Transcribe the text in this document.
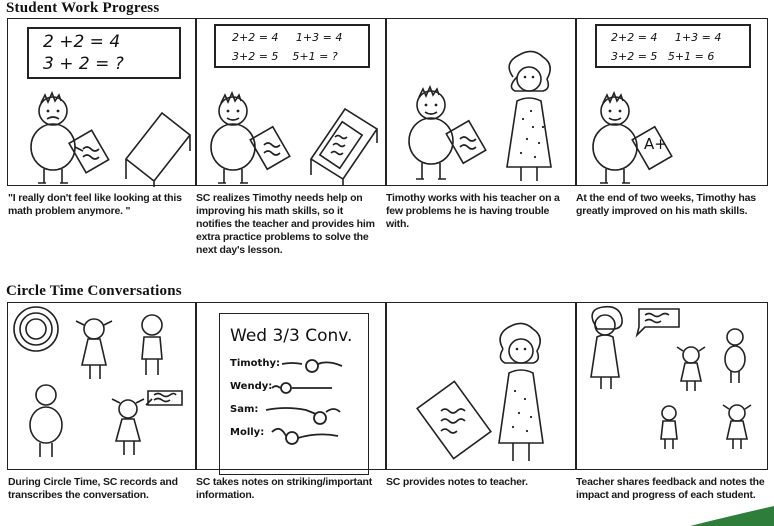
Student Work Progress
2 +2 = 4
3 + 2 = ?
"I really don't feel like looking at this math problem anymore. "
2+2 = 4     1+3 = 4
3+2 = 5    5+1 = ?
SC realizes Timothy needs help on improving his math skills, so it notifies the teacher and provides him extra practice problems to solve the next day's lesson.
Timothy works with his teacher on a few problems he is having trouble with.
2+2 = 4     1+3 = 4
3+2 = 5   5+1 = 6
A+
At the end of two weeks, Timothy has greatly improved on his math skills.
Circle Time Conversations
During Circle Time, SC records and transcribes the conversation.
Wed 3/3 Conv.
Timothy:
Wendy:
Sam:
Molly:
SC takes notes on striking/important information.
SC provides notes to teacher.	Teacher shares feedback and notes the impact and progress of each student.
